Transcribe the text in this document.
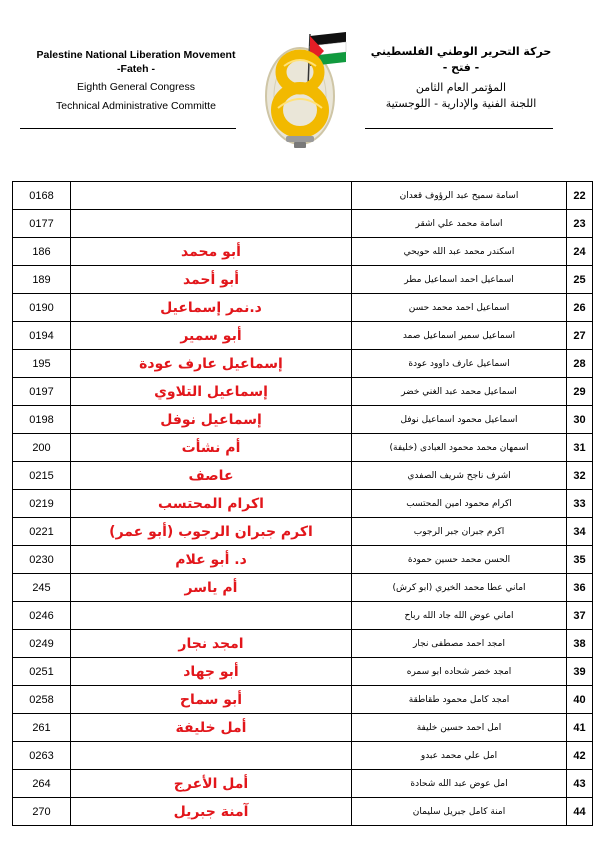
Palestine National Liberation Movement
-Fateh -
Eighth General Congress
Technical Administrative Committe
حركة التحرير الوطني الفلسطيني
- فتح -
المؤتمر العام الثامن
اللجنة الفنية والإدارية - اللوجستية
0168		اسامة سميح عبد الرؤوف قعدان	22
0177		اسامة محمد علي اشقر	23
186	أبو محمد	اسكندر محمد عبد الله حويحي	24
189	أبو أحمد	اسماعيل احمد اسماعيل مطر	25
0190	د.نمر إسماعيل	اسماعيل احمد محمد حسن	26
0194	أبو سمير	اسماعيل سمير اسماعيل صمد	27
195	إسماعيل عارف عودة	اسماعيل عارف داوود عودة	28
0197	إسماعيل التلاوي	اسماعيل محمد عبد الغني خضر	29
0198	إسماعيل نوفل	اسماعيل محمود اسماعيل نوفل	30
200	أم نشأت	اسمهان محمد محمود العبادى (خليفة)	31
0215	عاصف	اشرف ناجح شريف الصفدي	32
0219	اكرام المحتسب	اكرام محمود امين المحتسب	33
0221	اكرم جبران الرجوب (أبو عمر)	اكرم جبران جبر الرجوب	34
0230	د. أبو علام	الحسن محمد حسين حمودة	35
245	أم ياسر	اماني عطا محمد الخيري (ابو كرش)	36
0246		اماني عوض الله جاد الله رباح	37
0249	امجد نجار	امجد احمد مصطفى نجار	38
0251	أبو جهاد	امجد خضر شحاده ابو سمره	39
0258	أبو سماح	امجد كامل محمود طقاطقة	40
261	أمل خليفة	امل احمد حسين خليفة	41
0263		امل علي محمد عبدو	42
264	أمل الأعرج	امل عوض عبد الله شحادة	43
270	آمنة جبريل	امنة كامل جبريل سليمان	44
